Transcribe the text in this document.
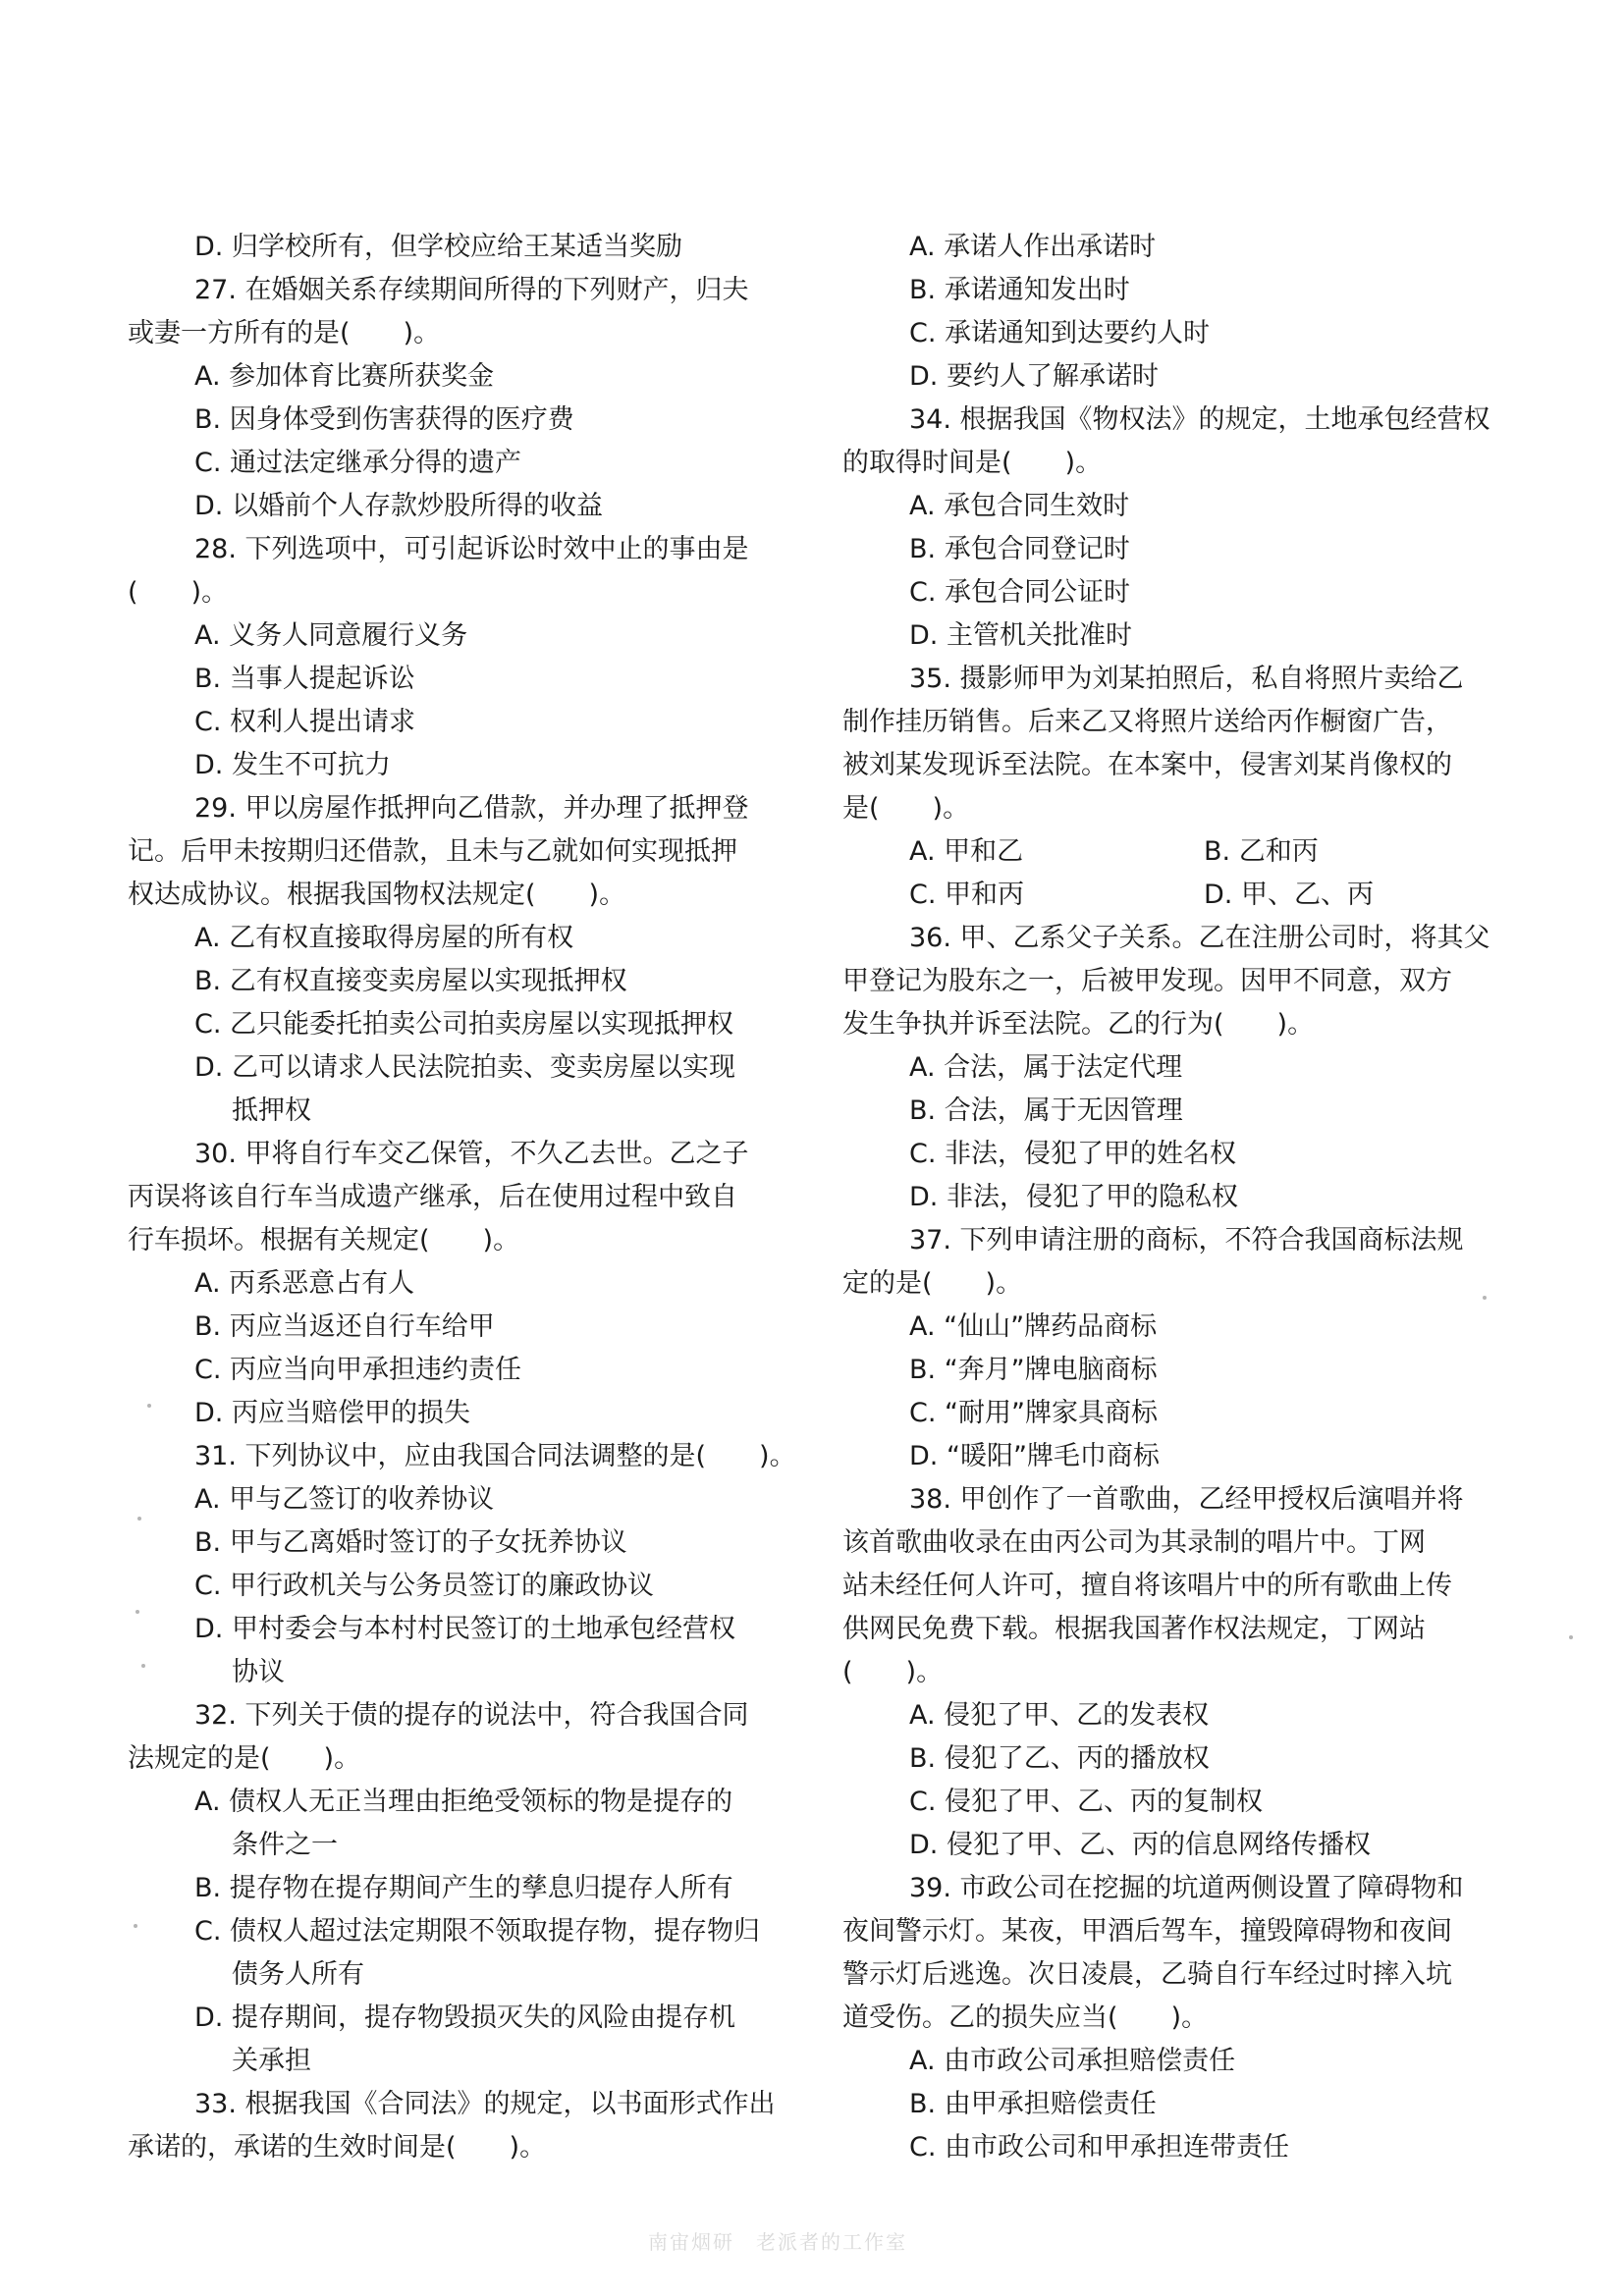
D. 归学校所有，但学校应给王某适当奖励
27. 在婚姻关系存续期间所得的下列财产，归夫
或妻一方所有的是(　　)。
A. 参加体育比赛所获奖金
B. 因身体受到伤害获得的医疗费
C. 通过法定继承分得的遗产
D. 以婚前个人存款炒股所得的收益
28. 下列选项中，可引起诉讼时效中止的事由是
(　　)。
A. 义务人同意履行义务
B. 当事人提起诉讼
C. 权利人提出请求
D. 发生不可抗力
29. 甲以房屋作抵押向乙借款，并办理了抵押登
记。后甲未按期归还借款，且未与乙就如何实现抵押
权达成协议。根据我国物权法规定(　　)。
A. 乙有权直接取得房屋的所有权
B. 乙有权直接变卖房屋以实现抵押权
C. 乙只能委托拍卖公司拍卖房屋以实现抵押权
D. 乙可以请求人民法院拍卖、变卖房屋以实现
抵押权
30. 甲将自行车交乙保管，不久乙去世。乙之子
丙误将该自行车当成遗产继承，后在使用过程中致自
行车损坏。根据有关规定(　　)。
A. 丙系恶意占有人
B. 丙应当返还自行车给甲
C. 丙应当向甲承担违约责任
D. 丙应当赔偿甲的损失
31. 下列协议中，应由我国合同法调整的是(　　)。
A. 甲与乙签订的收养协议
B. 甲与乙离婚时签订的子女抚养协议
C. 甲行政机关与公务员签订的廉政协议
D. 甲村委会与本村村民签订的土地承包经营权
协议
32. 下列关于债的提存的说法中，符合我国合同
法规定的是(　　)。
A. 债权人无正当理由拒绝受领标的物是提存的
条件之一
B. 提存物在提存期间产生的孳息归提存人所有
C. 债权人超过法定期限不领取提存物，提存物归
债务人所有
D. 提存期间，提存物毁损灭失的风险由提存机
关承担
33. 根据我国《合同法》的规定，以书面形式作出
承诺的，承诺的生效时间是(　　)。
A. 承诺人作出承诺时
B. 承诺通知发出时
C. 承诺通知到达要约人时
D. 要约人了解承诺时
34. 根据我国《物权法》的规定，土地承包经营权
的取得时间是(　　)。
A. 承包合同生效时
B. 承包合同登记时
C. 承包合同公证时
D. 主管机关批准时
35. 摄影师甲为刘某拍照后，私自将照片卖给乙
制作挂历销售。后来乙又将照片送给丙作橱窗广告，
被刘某发现诉至法院。在本案中，侵害刘某肖像权的
是(　　)。
A. 甲和乙	B. 乙和丙
C. 甲和丙	D. 甲、乙、丙
36. 甲、乙系父子关系。乙在注册公司时，将其父
甲登记为股东之一，后被甲发现。因甲不同意，双方
发生争执并诉至法院。乙的行为(　　)。
A. 合法，属于法定代理
B. 合法，属于无因管理
C. 非法，侵犯了甲的姓名权
D. 非法，侵犯了甲的隐私权
37. 下列申请注册的商标，不符合我国商标法规
定的是(　　)。
A. “仙山”牌药品商标
B. “奔月”牌电脑商标
C. “耐用”牌家具商标
D. “暖阳”牌毛巾商标
38. 甲创作了一首歌曲，乙经甲授权后演唱并将
该首歌曲收录在由丙公司为其录制的唱片中。丁网
站未经任何人许可，擅自将该唱片中的所有歌曲上传
供网民免费下载。根据我国著作权法规定，丁网站
(　　)。
A. 侵犯了甲、乙的发表权
B. 侵犯了乙、丙的播放权
C. 侵犯了甲、乙、丙的复制权
D. 侵犯了甲、乙、丙的信息网络传播权
39. 市政公司在挖掘的坑道两侧设置了障碍物和
夜间警示灯。某夜，甲酒后驾车，撞毁障碍物和夜间
警示灯后逃逸。次日凌晨，乙骑自行车经过时摔入坑
道受伤。乙的损失应当(　　)。
A. 由市政公司承担赔偿责任
B. 由甲承担赔偿责任
C. 由市政公司和甲承担连带责任
南宙烟研　老派者的工作室
